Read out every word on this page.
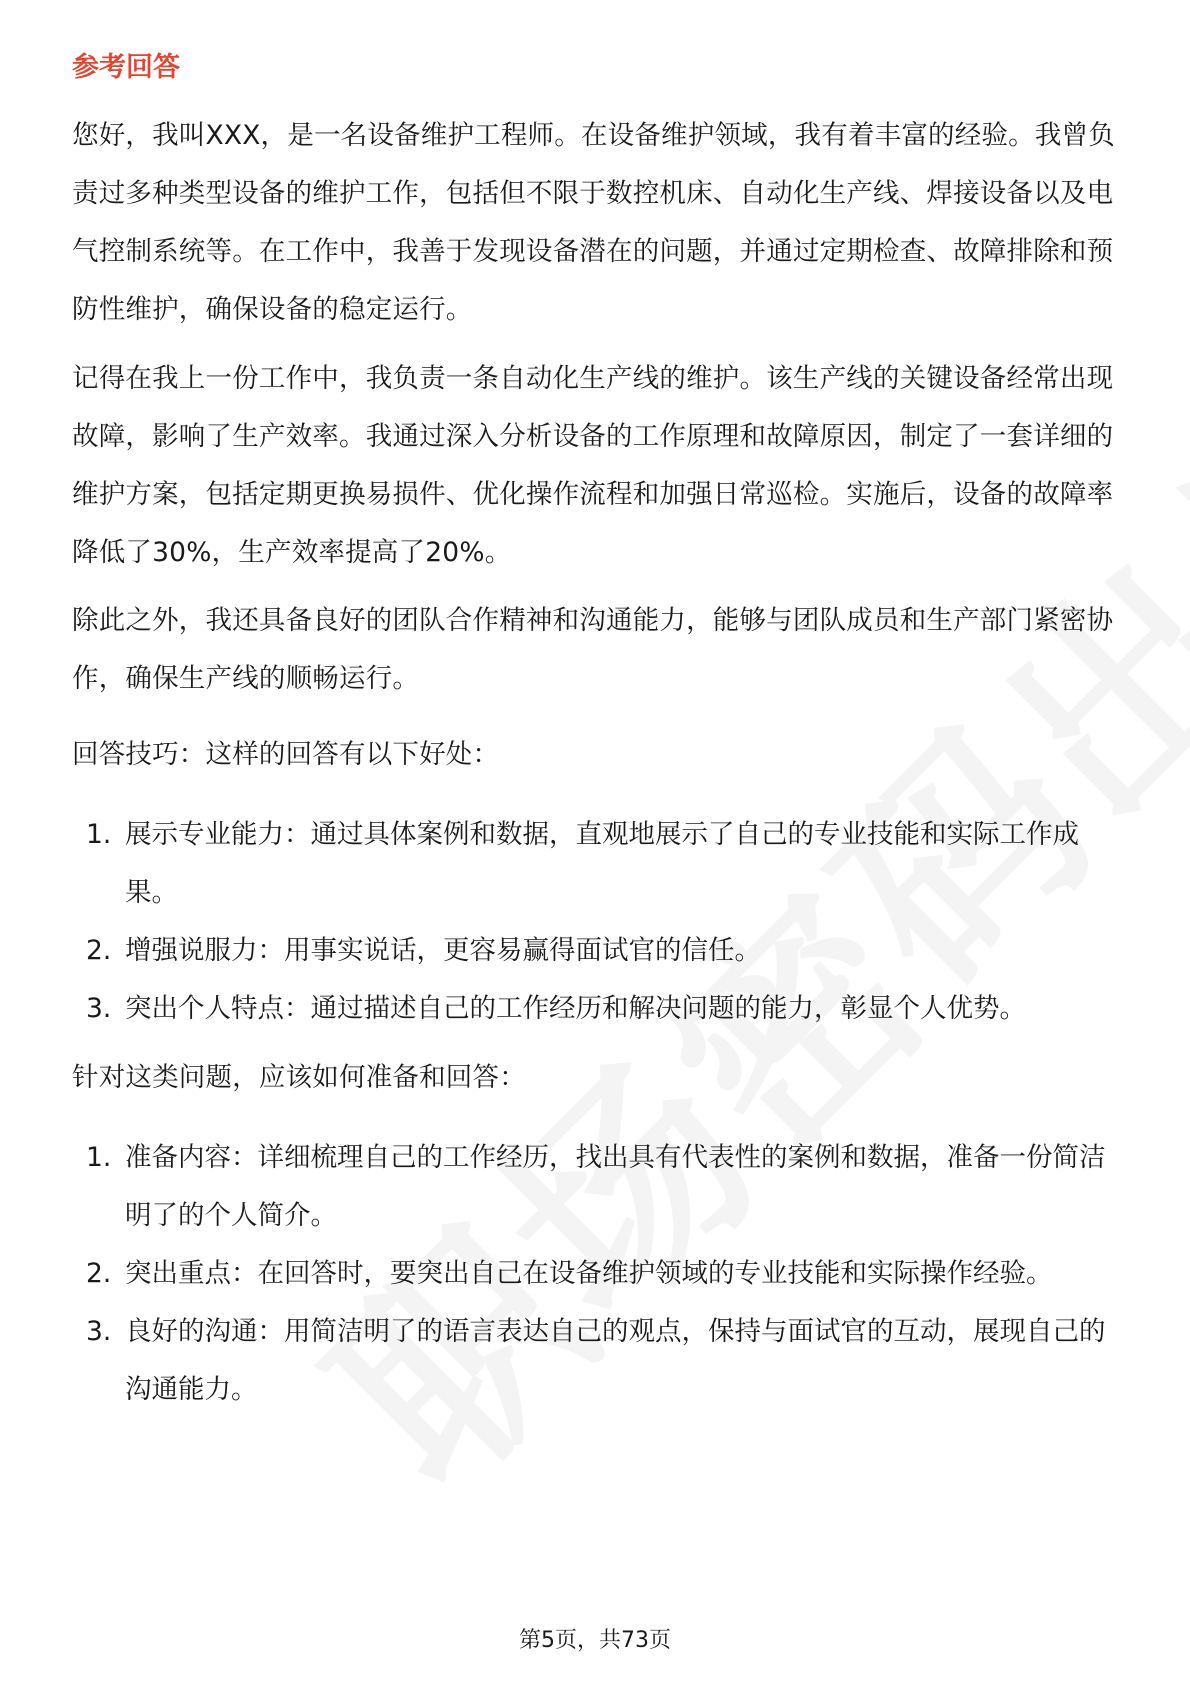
参考回答

您好，我叫XXX，是一名设备维护工程师。在设备维护领域，我有着丰富的经验。我曾负责过多种类型设备的维护工作，包括但不限于数控机床、自动化生产线、焊接设备以及电气控制系统等。在工作中，我善于发现设备潜在的问题，并通过定期检查、故障排除和预防性维护，确保设备的稳定运行。

记得在我上一份工作中，我负责一条自动化生产线的维护。该生产线的关键设备经常出现故障，影响了生产效率。我通过深入分析设备的工作原理和故障原因，制定了一套详细的维护方案，包括定期更换易损件、优化操作流程和加强日常巡检。实施后，设备的故障率降低了30%，生产效率提高了20%。

除此之外，我还具备良好的团队合作精神和沟通能力，能够与团队成员和生产部门紧密协作，确保生产线的顺畅运行。

回答技巧：这样的回答有以下好处：

1. 展示专业能力：通过具体案例和数据，直观地展示了自己的专业技能和实际工作成果。
2. 增强说服力：用事实说话，更容易赢得面试官的信任。
3. 突出个人特点：通过描述自己的工作经历和解决问题的能力，彰显个人优势。

针对这类问题，应该如何准备和回答：

1. 准备内容：详细梳理自己的工作经历，找出具有代表性的案例和数据，准备一份简洁明了的个人简介。
2. 突出重点：在回答时，要突出自己在设备维护领域的专业技能和实际操作经验。
3. 良好的沟通：用简洁明了的语言表达自己的观点，保持与面试官的互动，展现自己的沟通能力。
第5页，共73页
